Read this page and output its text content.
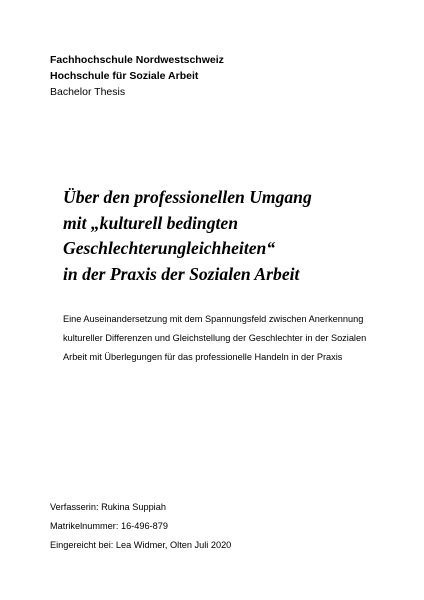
Fachhochschule Nordwestschweiz
Hochschule für Soziale Arbeit
Bachelor Thesis
Über den professionellen Umgang
mit „kulturell bedingten
Geschlechterungleichheiten“
in der Praxis der Sozialen Arbeit
Eine Auseinandersetzung mit dem Spannungsfeld zwischen Anerkennung
kultureller Differenzen und Gleichstellung der Geschlechter in der Sozialen
Arbeit mit Überlegungen für das professionelle Handeln in der Praxis
Verfasserin: Rukina Suppiah
Matrikelnummer: 16-496-879
Eingereicht bei: Lea Widmer, Olten Juli 2020
